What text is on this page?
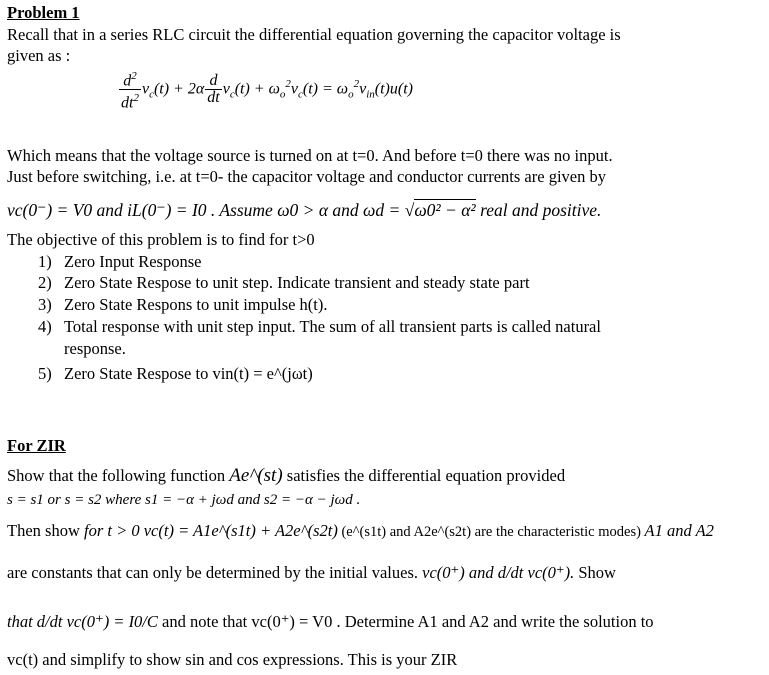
Problem 1
Recall that in a series RLC circuit the differential equation governing the capacitor voltage is
given as :
$\frac{d^2}{dt^2} v_c(t) + 2\alpha \frac{d}{dt} v_c(t) + \omega_o^2v_c(t) = \omega_o^2v_{in}(t)u(t)$
Which means that the voltage source is turned on at t=0. And before t=0 there was no input.
Just before switching, i.e. at t=0- the capacitor voltage and conductor currents are given by
vc(0⁻) = V0 and iL(0⁻) = I0 . Assume ω0 > α and ωd = √ω0² − α² real and positive.
The objective of this problem is to find for t>0
1) Zero Input Response
2) Zero State Respose to unit step. Indicate transient and steady state part
3) Zero State Respons to unit impulse h(t).
4) Total response with unit step input. The sum of all transient parts is called natural
response.
5) Zero State Respose to vin(t) = e^(jωt)
For ZIR
Show that the following function Ae^(st) satisfies the differential equation provided
s = s1 or s = s2 where s1 = −α + jωd and s2 = −α − jωd .
Then show for t > 0 vc(t) = A1e^(s1t) + A2e^(s2t) (e^(s1t) and A2e^(s2t) are the characteristic modes) A1 and A2
are constants that can only be determined by the initial values. vc(0⁺) and d/dt vc(0⁺). Show
that d/dt vc(0⁺) = I0/C and note that vc(0⁺) = V0 . Determine A1 and A2 and write the solution to
vc(t) and simplify to show sin and cos expressions. This is your ZIR
